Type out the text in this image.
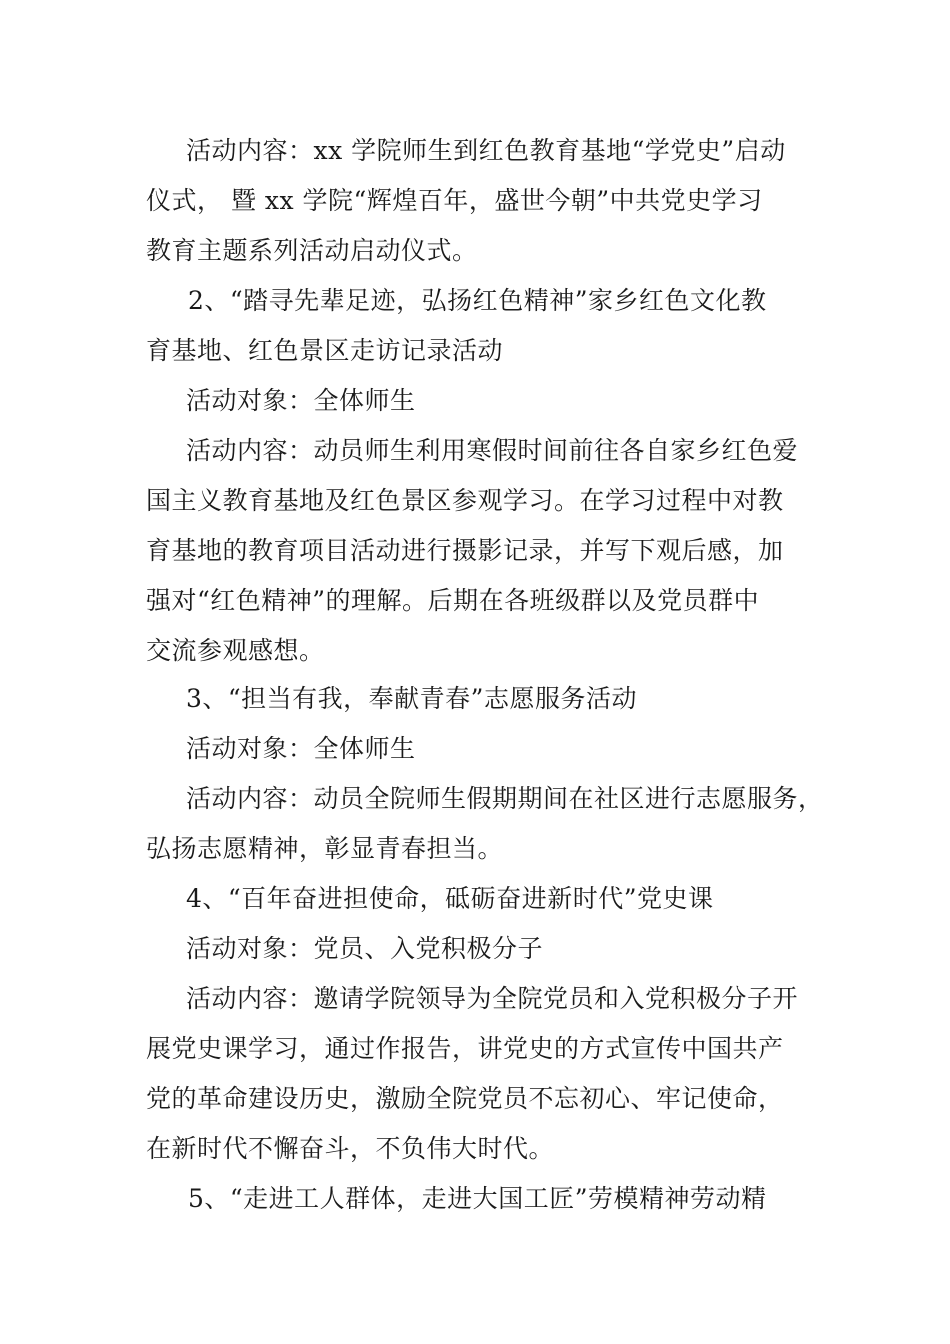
活动内容：xx 学院师生到红色教育基地“学党史”启动

仪式， 暨 xx 学院“辉煌百年，盛世今朝”中共党史学习

教育主题系列活动启动仪式。

2、“踏寻先辈足迹，弘扬红色精神”家乡红色文化教

育基地、红色景区走访记录活动

活动对象：全体师生

活动内容：动员师生利用寒假时间前往各自家乡红色爱

国主义教育基地及红色景区参观学习。在学习过程中对教

育基地的教育项目活动进行摄影记录，并写下观后感，加

强对“红色精神”的理解。后期在各班级群以及党员群中

交流参观感想。

3、“担当有我，奉献青春”志愿服务活动

活动对象：全体师生

活动内容：动员全院师生假期期间在社区进行志愿服务，

弘扬志愿精神，彰显青春担当。

4、“百年奋进担使命，砥砺奋进新时代”党史课

活动对象：党员、入党积极分子

活动内容：邀请学院领导为全院党员和入党积极分子开

展党史课学习，通过作报告，讲党史的方式宣传中国共产

党的革命建设历史，激励全院党员不忘初心、牢记使命，

在新时代不懈奋斗，不负伟大时代。

5、“走进工人群体，走进大国工匠”劳模精神劳动精
